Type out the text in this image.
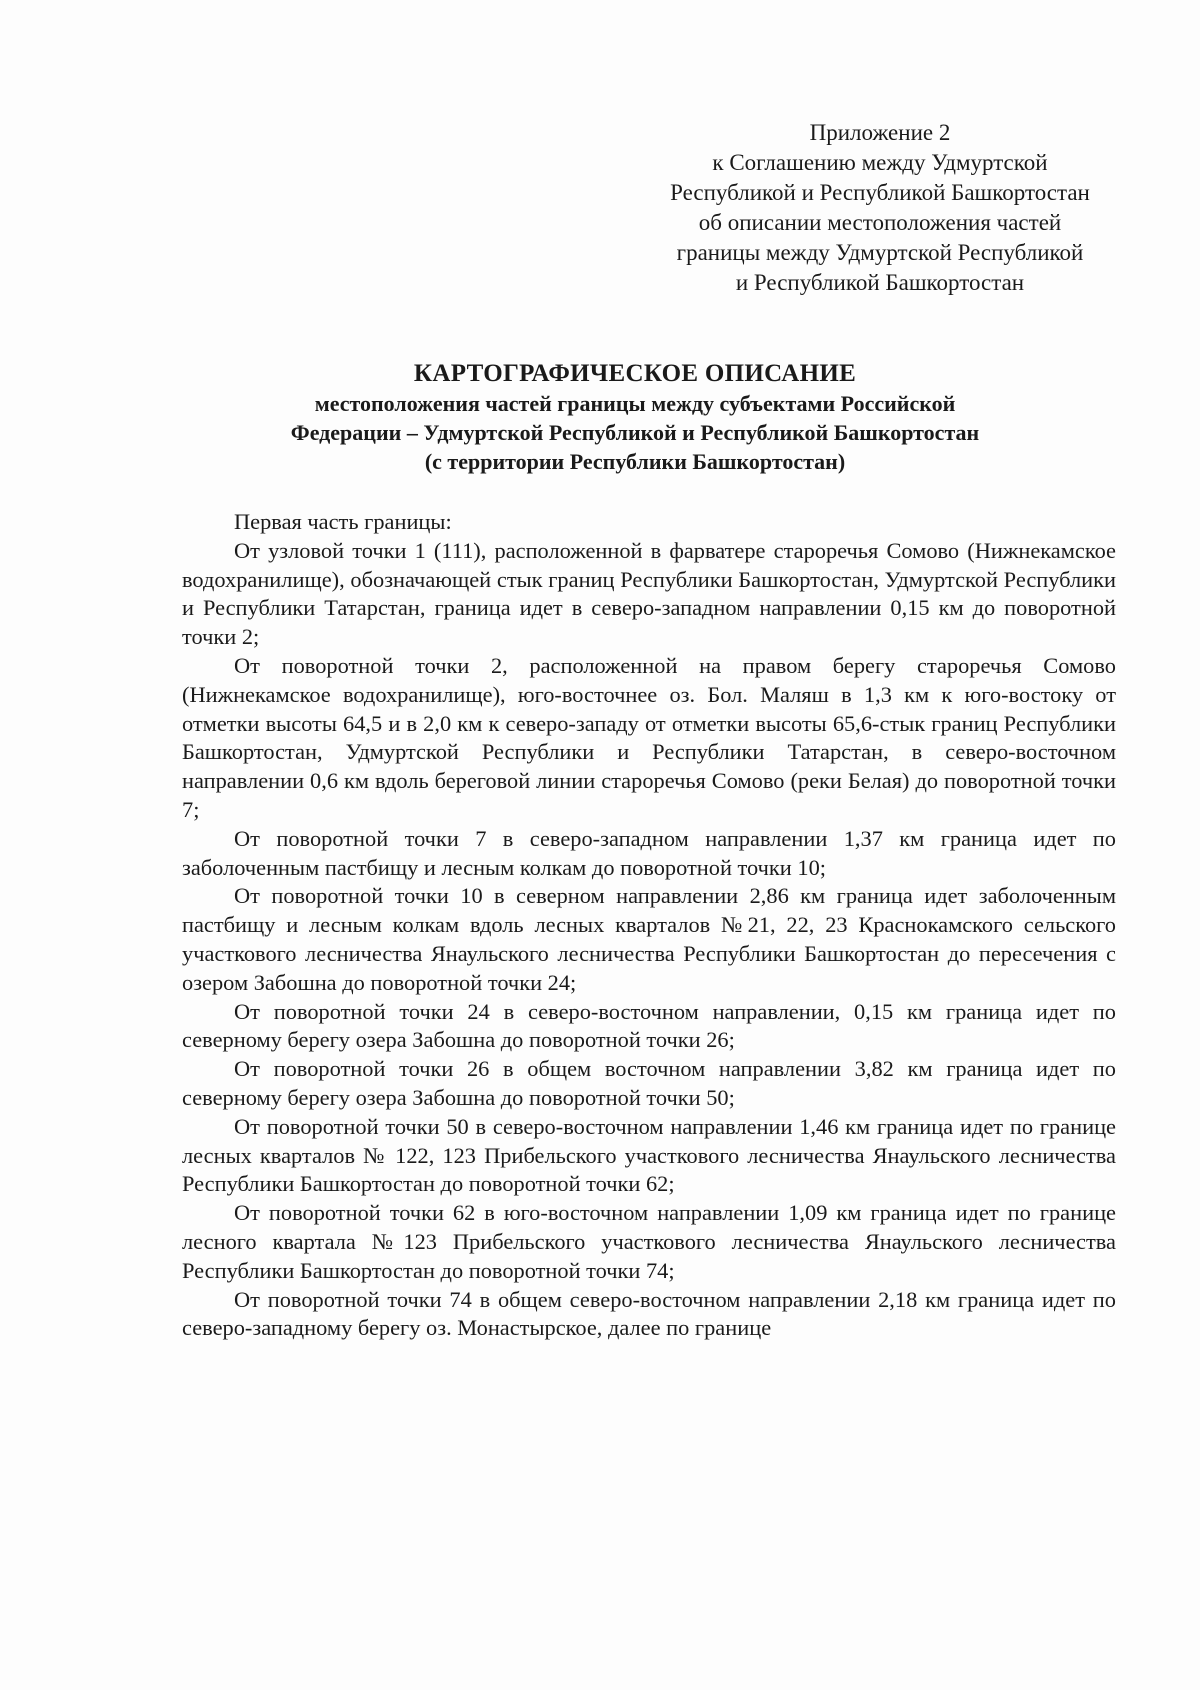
Приложение 2
к Соглашению между Удмуртской
Республикой и Республикой Башкортостан
об описании местоположения частей
границы между Удмуртской Республикой
и Республикой Башкортостан
КАРТОГРАФИЧЕСКОЕ ОПИСАНИЕ
местоположения частей границы между субъектами Российской
Федерации – Удмуртской Республикой и Республикой Башкортостан
(с территории Республики Башкортостан)

Первая часть границы:

От узловой точки 1 (111), расположенной в фарватере староречья Сомово (Нижнекамское водохранилище), обозначающей стык границ Республики Башкортостан, Удмуртской Республики и Республики Татарстан, граница идет в северо-западном направлении 0,15 км до поворотной точки 2;

От поворотной точки 2, расположенной на правом берегу староречья Сомово (Нижнекамское водохранилище), юго-восточнее оз. Бол. Маляш в 1,3 км к юго-востоку от отметки высоты 64,5 и в 2,0 км к северо-западу от отметки высоты 65,6-стык границ Республики Башкортостан, Удмуртской Республики и Республики Татарстан, в северо-восточном направлении 0,6 км вдоль береговой линии староречья Сомово (реки Белая) до поворотной точки 7;

От поворотной точки 7 в северо-западном направлении 1,37 км граница идет по заболоченным пастбищу и лесным колкам до поворотной точки 10;

От поворотной точки 10 в северном направлении 2,86 км граница идет заболоченным пастбищу и лесным колкам вдоль лесных кварталов №21, 22, 23 Краснокамского сельского участкового лесничества Янаульского лесничества Республики Башкортостан до пересечения с озером Забошна до поворотной точки 24;

От поворотной точки 24 в северо-восточном направлении, 0,15 км граница идет по северному берегу озера Забошна до поворотной точки 26;

От поворотной точки 26 в общем восточном направлении 3,82 км граница идет по северному берегу озера Забошна до поворотной точки 50;

От поворотной точки 50 в северо-восточном направлении 1,46 км граница идет по границе лесных кварталов № 122, 123 Прибельского участкового лесничества Янаульского лесничества Республики Башкортостан до поворотной точки 62;

От поворотной точки 62 в юго-восточном направлении 1,09 км граница идет по границе лесного квартала №123 Прибельского участкового лесничества Янаульского лесничества Республики Башкортостан до поворотной точки 74;

От поворотной точки 74 в общем северо-восточном направлении 2,18 км граница идет по северо-западному берегу оз. Монастырское, далее по границе
